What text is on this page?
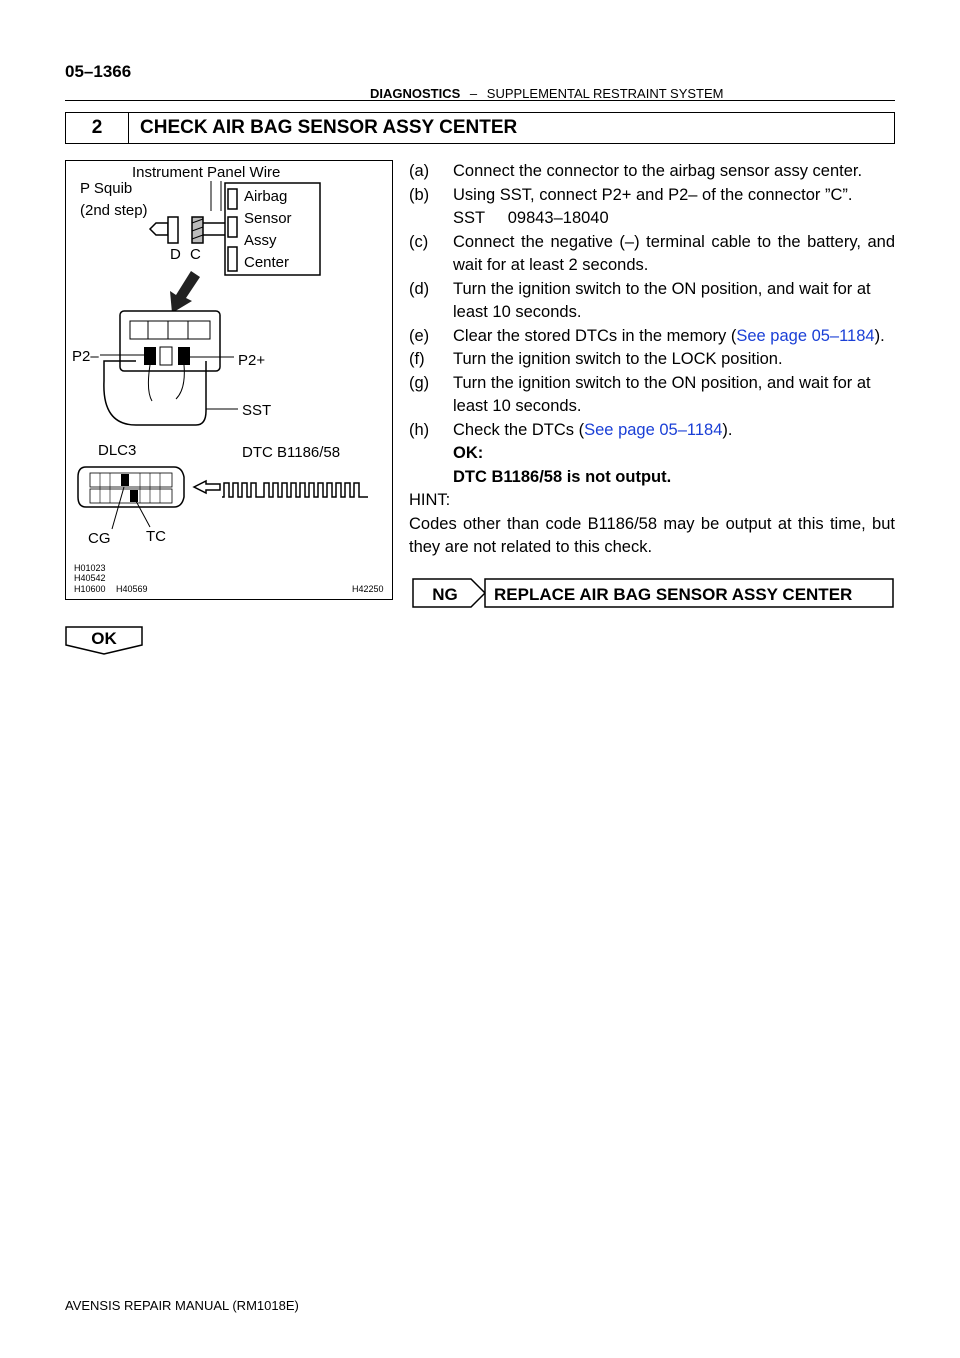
05–1366
DIAGNOSTICS – SUPPLEMENTAL RESTRAINT SYSTEM
2	CHECK AIR BAG SENSOR ASSY CENTER
Instrument Panel Wire
P Squib
(2nd step)
Airbag
Sensor
Assy
Center
D C
P2–	P2+
SST
DLC3	DTC B1186/58
CG TC
H01023
H40542
H10600 H40569	H42250
(a) Connect the connector to the airbag sensor assy center.
(b) Using SST, connect P2+ and P2– of the connector ”C”.
SST     09843–18040
(c) Connect the negative (–) terminal cable to the battery, and wait for at least 2 seconds.
(d) Turn the ignition switch to the ON position, and wait for at least 10 seconds.
(e) Clear the stored DTCs in the memory (See page 05–1184).
(f) Turn the ignition switch to the LOCK position.
(g) Turn the ignition switch to the ON position, and wait for at least 10 seconds.
(h) Check the DTCs (See page 05–1184).
OK:
DTC B1186/58 is not output.
HINT:
Codes other than code B1186/58 may be output at this time, but they are not related to this check.
NG REPLACE AIR BAG SENSOR ASSY CENTER
OK
AVENSIS REPAIR MANUAL (RM1018E)
